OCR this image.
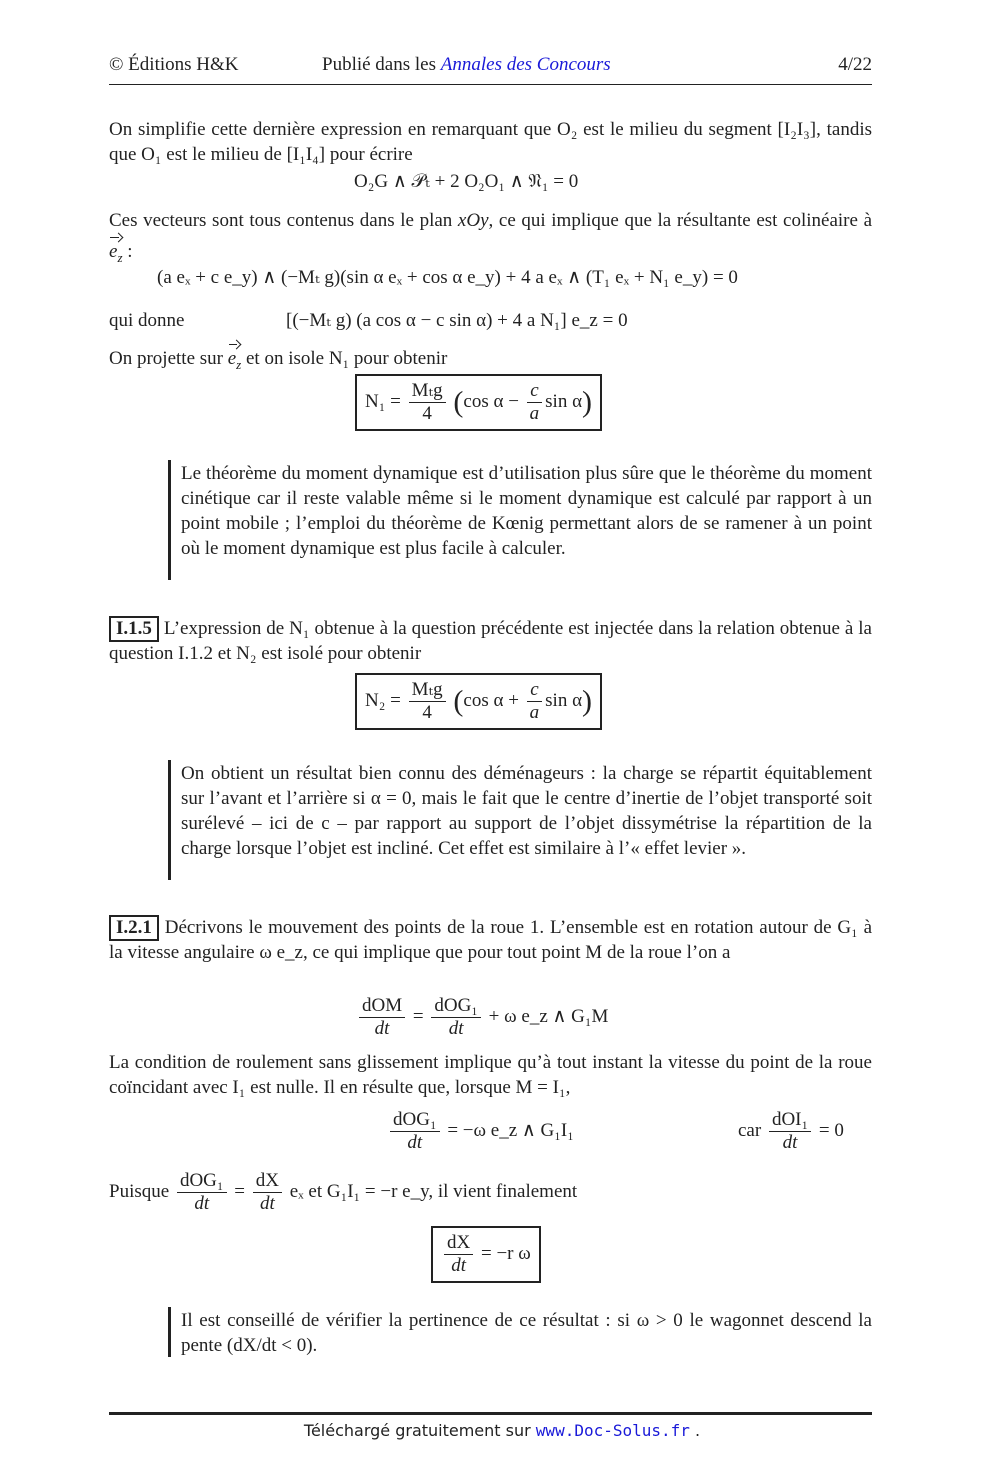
© Éditions H&K	Publié dans les Annales des Concours	4/22
On simplifie cette dernière expression en remarquant que O₂ est le milieu du segment [I₂I₃], tandis que O₁ est le milieu de [I₁I₄] pour écrire
O₂G ∧ 𝒫ₜ + 2 O₂O₁ ∧ 𝔑₁ = 0
Ces vecteurs sont tous contenus dans le plan xOy, ce qui implique que la résultante est colinéaire à $e_z$ :
(a eₓ + c e_y) ∧ (−Mₜ g)(sin α eₓ + cos α e_y) + 4 a eₓ ∧ (T₁ eₓ + N₁ e_y) = 0
qui donne	[(−Mₜ g) (a cos α − c sin α) + 4 a N₁] e_z = 0
On projette sur $e_z$ et on isole N₁ pour obtenir
$N_1 = \frac{\text{Mₜg}}{4} (\cos$ $\alpha - \frac{c}{a}$ sin α)
Le théorème du moment dynamique est d’utilisation plus sûre que le théorème du moment cinétique car il reste valable même si le moment dynamique est calculé par rapport à un point mobile ; l’emploi du théorème de Kœnig permettant alors de se ramener à un point où le moment dynamique est plus facile à calculer.
I.1.5 L’expression de N₁ obtenue à la question précédente est injectée dans la relation obtenue à la question I.1.2 et N₂ est isolé pour obtenir
$N_2 = \frac{\text{Mₜg}}{4} (\cos$ $\alpha + \frac{c}{a}$ sin α)
On obtient un résultat bien connu des déménageurs : la charge se répartit équitablement sur l’avant et l’arrière si α = 0, mais le fait que le centre d’inertie de l’objet transporté soit surélevé – ici de c – par rapport au support de l’objet dissymétrise la répartition de la charge lorsque l’objet est incliné. Cet effet est similaire à l’« effet levier ».
I.2.1 Décrivons le mouvement des points de la roue 1. L’ensemble est en rotation autour de G₁ à la vitesse angulaire ω e_z, ce qui implique que pour tout point M de la roue l’on a
$\frac{\text{dOM}}{dt} = \frac{\text{dOG₁}}{dt} + \omega$ e_z ∧ G₁M
La condition de roulement sans glissement implique qu’à tout instant la vitesse du point de la roue coïncidant avec I₁ est nulle. Il en résulte que, lorsque M = I₁,
$\frac{\text{dOG₁}}{dt} = -\omega$ e_z ∧ G₁I₁	car $\frac{\text{dOI₁}}{dt} = 0$
Puisque $\frac{\text{dOG₁}}{dt} = \frac{dX}{dt}$ eₓ et G₁I₁ = −r e_y, il vient finalement
$\frac{dX}{dt} = -r$ ω
Il est conseillé de vérifier la pertinence de ce résultat : si ω > 0 le wagonnet descend la pente (dX/dt < 0).
Téléchargé gratuitement sur www.Doc-Solus.fr .
